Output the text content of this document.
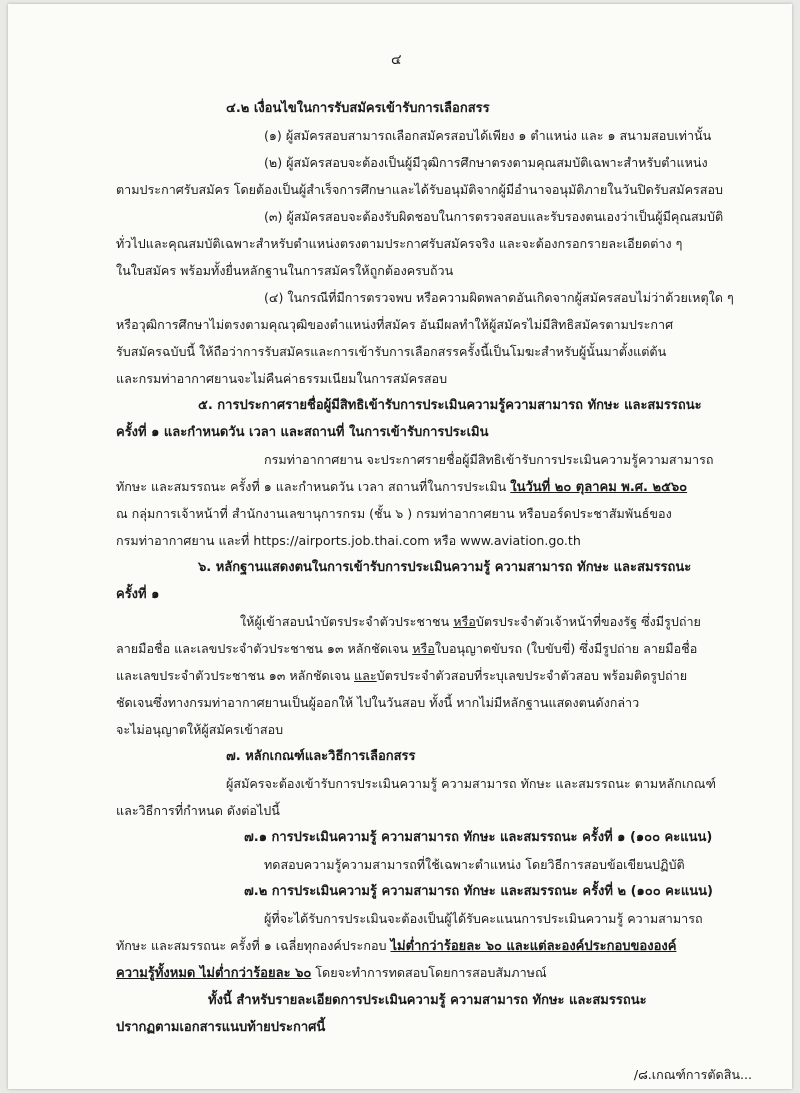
๔
๔.๒ เงื่อนไขในการรับสมัครเข้ารับการเลือกสรร
(๑) ผู้สมัครสอบสามารถเลือกสมัครสอบได้เพียง ๑ ตำแหน่ง และ ๑ สนามสอบเท่านั้น
(๒) ผู้สมัครสอบจะต้องเป็นผู้มีวุฒิการศึกษาตรงตามคุณสมบัติเฉพาะสำหรับตำแหน่ง
ตามประกาศรับสมัคร โดยต้องเป็นผู้สำเร็จการศึกษาและได้รับอนุมัติจากผู้มีอำนาจอนุมัติภายในวันปิดรับสมัครสอบ
(๓) ผู้สมัครสอบจะต้องรับผิดชอบในการตรวจสอบและรับรองตนเองว่าเป็นผู้มีคุณสมบัติ
ทั่วไปและคุณสมบัติเฉพาะสำหรับตำแหน่งตรงตามประกาศรับสมัครจริง และจะต้องกรอกรายละเอียดต่าง ๆ
ในใบสมัคร พร้อมทั้งยื่นหลักฐานในการสมัครให้ถูกต้องครบถ้วน
(๔) ในกรณีที่มีการตรวจพบ หรือความผิดพลาดอันเกิดจากผู้สมัครสอบไม่ว่าด้วยเหตุใด ๆ
หรือวุฒิการศึกษาไม่ตรงตามคุณวุฒิของตำแหน่งที่สมัคร อันมีผลทำให้ผู้สมัครไม่มีสิทธิสมัครตามประกาศ
รับสมัครฉบับนี้ ให้ถือว่าการรับสมัครและการเข้ารับการเลือกสรรครั้งนี้เป็นโมฆะสำหรับผู้นั้นมาตั้งแต่ต้น
และกรมท่าอากาศยานจะไม่คืนค่าธรรมเนียมในการสมัครสอบ
๕. การประกาศรายชื่อผู้มีสิทธิเข้ารับการประเมินความรู้ความสามารถ ทักษะ และสมรรถนะ
ครั้งที่ ๑ และกำหนดวัน เวลา และสถานที่ ในการเข้ารับการประเมิน
กรมท่าอากาศยาน จะประกาศรายชื่อผู้มีสิทธิเข้ารับการประเมินความรู้ความสามารถ
ทักษะ และสมรรถนะ ครั้งที่ ๑ และกำหนดวัน เวลา สถานที่ในการประเมิน ในวันที่ ๒๐ ตุลาคม พ.ศ. ๒๕๖๐
ณ กลุ่มการเจ้าหน้าที่ สำนักงานเลขานุการกรม (ชั้น ๖ ) กรมท่าอากาศยาน หรือบอร์ดประชาสัมพันธ์ของ
กรมท่าอากาศยาน และที่ https://airports.job.thai.com หรือ www.aviation.go.th
๖. หลักฐานแสดงตนในการเข้ารับการประเมินความรู้ ความสามารถ ทักษะ และสมรรถนะ
ครั้งที่ ๑
ให้ผู้เข้าสอบนำบัตรประจำตัวประชาชน หรือบัตรประจำตัวเจ้าหน้าที่ของรัฐ ซึ่งมีรูปถ่าย
ลายมือชื่อ และเลขประจำตัวประชาชน ๑๓ หลักชัดเจน หรือใบอนุญาตขับรถ (ใบขับขี่) ซึ่งมีรูปถ่าย ลายมือชื่อ
และเลขประจำตัวประชาชน ๑๓ หลักชัดเจน และบัตรประจำตัวสอบที่ระบุเลขประจำตัวสอบ พร้อมติดรูปถ่าย
ชัดเจนซึ่งทางกรมท่าอากาศยานเป็นผู้ออกให้ ไปในวันสอบ ทั้งนี้ หากไม่มีหลักฐานแสดงตนดังกล่าว
จะไม่อนุญาตให้ผู้สมัครเข้าสอบ
๗. หลักเกณฑ์และวิธีการเลือกสรร
ผู้สมัครจะต้องเข้ารับการประเมินความรู้ ความสามารถ ทักษะ และสมรรถนะ ตามหลักเกณฑ์
และวิธีการที่กำหนด ดังต่อไปนี้
๗.๑ การประเมินความรู้ ความสามารถ ทักษะ และสมรรถนะ ครั้งที่ ๑ (๑๐๐ คะแนน)
ทดสอบความรู้ความสามารถที่ใช้เฉพาะตำแหน่ง โดยวิธีการสอบข้อเขียนปฏิบัติ
๗.๒ การประเมินความรู้ ความสามารถ ทักษะ และสมรรถนะ ครั้งที่ ๒ (๑๐๐ คะแนน)
ผู้ที่จะได้รับการประเมินจะต้องเป็นผู้ได้รับคะแนนการประเมินความรู้ ความสามารถ
ทักษะ และสมรรถนะ ครั้งที่ ๑ เฉลี่ยทุกองค์ประกอบ ไม่ต่ำกว่าร้อยละ ๖๐ และแต่ละองค์ประกอบขององค์
ความรู้ทั้งหมด ไม่ต่ำกว่าร้อยละ ๖๐ โดยจะทำการทดสอบโดยการสอบสัมภาษณ์
ทั้งนี้ สำหรับรายละเอียดการประเมินความรู้ ความสามารถ ทักษะ และสมรรถนะ
ปรากฏตามเอกสารแนบท้ายประกาศนี้
/๘.เกณฑ์การตัดสิน...
